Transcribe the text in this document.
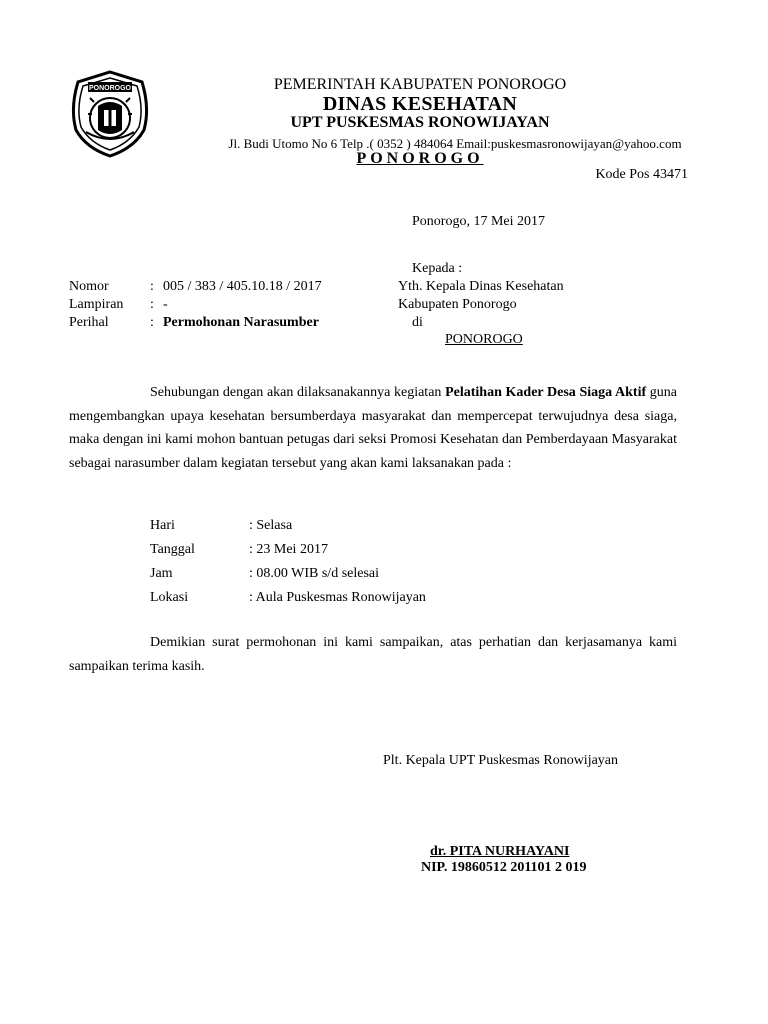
PONOROGO	PEMERINTAH KABUPATEN PONOROGO
DINAS KESEHATAN
UPT PUSKESMAS RONOWIJAYAN
Jl. Budi Utomo No 6 Telp .( 0352 ) 484064 Email:puskesmasronowijayan@yahoo.com
PONOROGO
Kode Pos 43471
Ponorogo, 17 Mei 2017
Kepada :
Yth. Kepala Dinas Kesehatan
Kabupaten Ponorogo
di
PONOROGO
Nomor	: 005 / 383 / 405.10.18 / 2017
Lampiran : -
Perihal	: Permohonan Narasumber

Sehubungan dengan akan dilaksanakannya kegiatan Pelatihan Kader Desa Siaga Aktif guna mengembangkan upaya kesehatan bersumberdaya masyarakat dan mempercepat terwujudnya desa siaga, maka dengan ini kami mohon bantuan petugas dari seksi Promosi Kesehatan dan Pemberdayaan Masyarakat sebagai narasumber dalam kegiatan tersebut yang akan kami laksanakan pada :

Hari	: Selasa
Tanggal	: 23 Mei 2017
Jam	: 08.00 WIB s/d selesai
Lokasi	: Aula Puskesmas Ronowijayan

Demikian surat permohonan ini kami sampaikan, atas perhatian dan kerjasamanya kami sampaikan terima kasih.

Plt. Kepala UPT Puskesmas Ronowijayan
dr. PITA NURHAYANI
NIP. 19860512 201101 2 019
